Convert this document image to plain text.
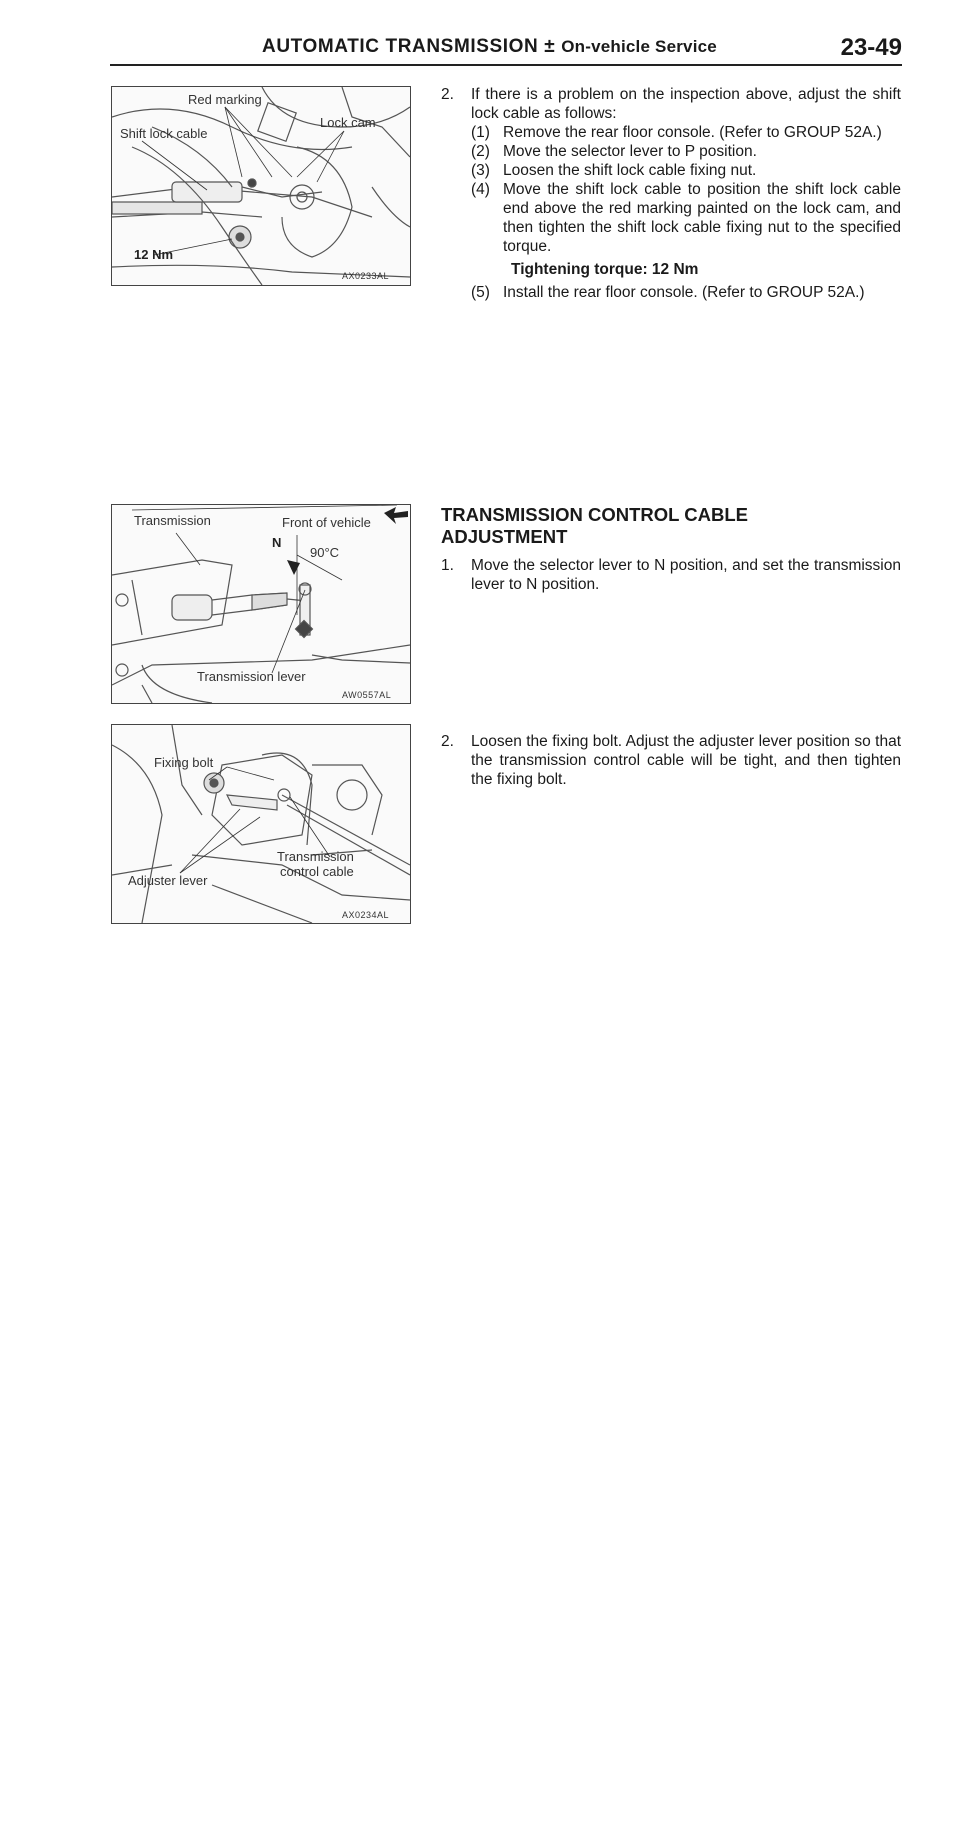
AUTOMATIC TRANSMISSION ± On-vehicle Service	23-49
Red marking
Shift lock cable
Lock cam
12 Nm
AX0233AL
Transmission	Front of vehicle
N
90°C
Transmission lever
AW0557AL
Fixing bolt
Transmission
control cable
Adjuster lever
AX0234AL
2.	If there is a problem on the inspection above, adjust the shift lock cable as follows:
(1) Remove the rear floor console. (Refer to GROUP 52A.)
(2) Move the selector lever to P position.
(3) Loosen the shift lock cable fixing nut.
(4) Move the shift lock cable to position the shift lock cable end above the red marking painted on the lock cam, and then tighten the shift lock cable fixing nut to the specified torque.
Tightening torque: 12 Nm
(5) Install the rear floor console. (Refer to GROUP 52A.)
TRANSMISSION CONTROL CABLE
ADJUSTMENT
1.	Move the selector lever to N position, and set the transmission lever to N position.
2.	Loosen the fixing bolt. Adjust the adjuster lever position so that the transmission control cable will be tight, and then tighten the fixing bolt.
